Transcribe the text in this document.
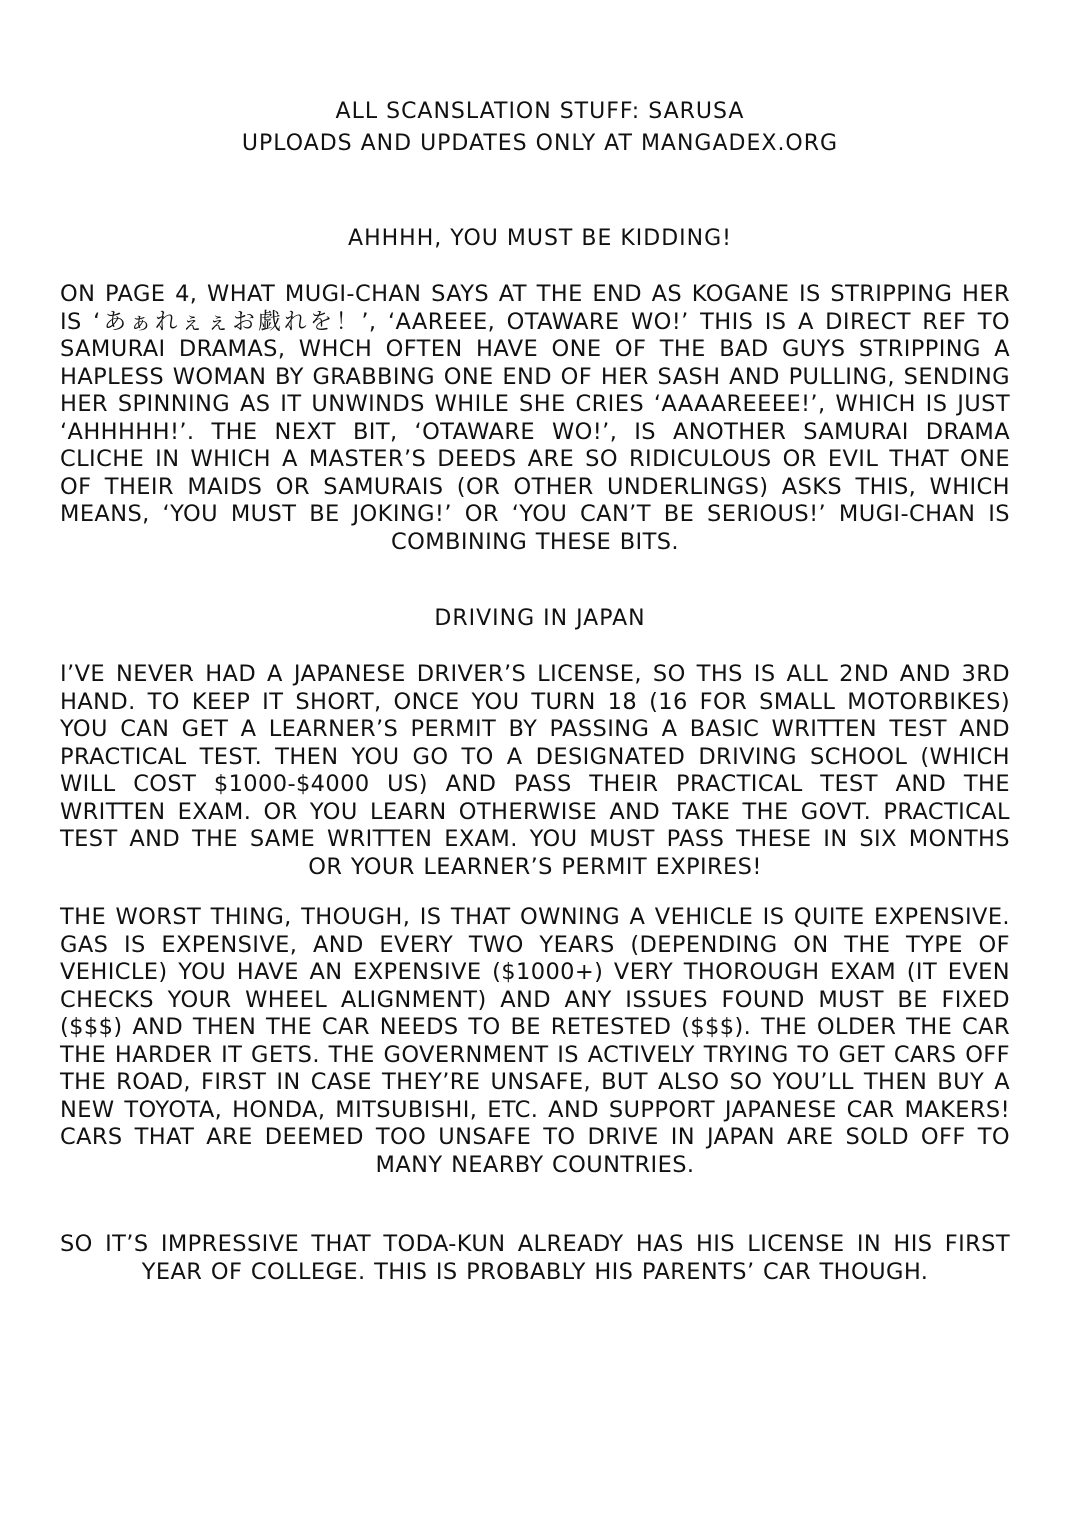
ALL SCANSLATION STUFF: SARUSA
UPLOADS AND UPDATES ONLY AT MANGADEX.ORG
AHHHH, YOU MUST BE KIDDING!

ON PAGE 4, WHAT MUGI-CHAN SAYS AT THE END AS KOGANE IS STRIPPING HER IS ‘あぁれぇぇお戯れを！’, ‘AAREEE, OTAWARE WO!’ THIS IS A DIRECT REF TO SAMURAI DRAMAS, WHCH OFTEN HAVE ONE OF THE BAD GUYS STRIPPING A HAPLESS WOMAN BY GRABBING ONE END OF HER SASH AND PULLING, SENDING HER SPINNING AS IT UNWINDS WHILE SHE CRIES ‘AAAAREEEE!’, WHICH IS JUST ‘AHHHHH!’. THE NEXT BIT, ‘OTAWARE WO!’, IS ANOTHER SAMURAI DRAMA CLICHE IN WHICH A MASTER’S DEEDS ARE SO RIDICULOUS OR EVIL THAT ONE OF THEIR MAIDS OR SAMURAIS (OR OTHER UNDERLINGS) ASKS THIS, WHICH MEANS, ‘YOU MUST BE JOKING!’ OR ‘YOU CAN’T BE SERIOUS!’ MUGI-CHAN IS COMBINING THESE BITS.

DRIVING IN JAPAN

I’VE NEVER HAD A JAPANESE DRIVER’S LICENSE, SO THS IS ALL 2ND AND 3RD HAND. TO KEEP IT SHORT, ONCE YOU TURN 18 (16 FOR SMALL MOTORBIKES) YOU CAN GET A LEARNER’S PERMIT BY PASSING A BASIC WRITTEN TEST AND PRACTICAL TEST. THEN YOU GO TO A DESIGNATED DRIVING SCHOOL (WHICH WILL COST $1000-$4000 US) AND PASS THEIR PRACTICAL TEST AND THE WRITTEN EXAM. OR YOU LEARN OTHERWISE AND TAKE THE GOVT. PRACTICAL TEST AND THE SAME WRITTEN EXAM. YOU MUST PASS THESE IN SIX MONTHS OR YOUR LEARNER’S PERMIT EXPIRES!

THE WORST THING, THOUGH, IS THAT OWNING A VEHICLE IS QUITE EXPENSIVE. GAS IS EXPENSIVE, AND EVERY TWO YEARS (DEPENDING ON THE TYPE OF VEHICLE) YOU HAVE AN EXPENSIVE ($1000+) VERY THOROUGH EXAM (IT EVEN CHECKS YOUR WHEEL ALIGNMENT) AND ANY ISSUES FOUND MUST BE FIXED ($$$) AND THEN THE CAR NEEDS TO BE RETESTED ($$$). THE OLDER THE CAR THE HARDER IT GETS. THE GOVERNMENT IS ACTIVELY TRYING TO GET CARS OFF THE ROAD, FIRST IN CASE THEY’RE UNSAFE, BUT ALSO SO YOU’LL THEN BUY A NEW TOYOTA, HONDA, MITSUBISHI, ETC. AND SUPPORT JAPANESE CAR MAKERS! CARS THAT ARE DEEMED TOO UNSAFE TO DRIVE IN JAPAN ARE SOLD OFF TO MANY NEARBY COUNTRIES.

SO IT’S IMPRESSIVE THAT TODA-KUN ALREADY HAS HIS LICENSE IN HIS FIRST YEAR OF COLLEGE. THIS IS PROBABLY HIS PARENTS’ CAR THOUGH.
